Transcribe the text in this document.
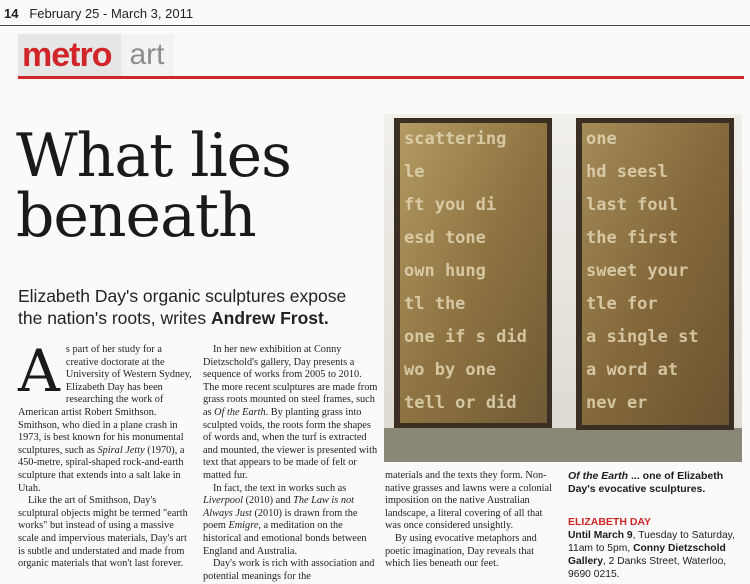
14 February 25 - March 3, 2011
metro art
What lies
beneath
Elizabeth Day's organic sculptures expose the nation's roots, writes Andrew Frost.

As part of her study for a creative doctorate at the University of Western Sydney, Elizabeth Day has been researching the work of American artist Robert Smithson. Smithson, who died in a plane crash in 1973, is best known for his monumental sculptures, such as Spiral Jetty (1970), a 450-metre, spiral-shaped rock-and-earth sculpture that extends into a salt lake in Utah.

Like the art of Smithson, Day's sculptural objects might be termed "earth works" but instead of using a massive scale and impervious materials, Day's art is subtle and understated and made from organic materials that won't last forever.

In her new exhibition at Conny Dietzschold's gallery, Day presents a sequence of works from 2005 to 2010. The more recent sculptures are made from grass roots mounted on steel frames, such as Of the Earth. By planting grass into sculpted voids, the roots form the shapes of words and, when the turf is extracted and mounted, the viewer is presented with text that appears to be made of felt or matted fur.

In fact, the text in works such as Liverpool (2010) and The Law is not Always Just (2010) is drawn from the poem Emigre, a meditation on the historical and emotional bonds between England and Australia.

Day's work is rich with association and potential meanings for the

scattering
le
ft you di
esd tone
own hung
tl the
one if s did
wo by one
tell or did
one
hd seesl
last foul
the first
sweet your
tle for
a single st
a word at
nev er

materials and the texts they form. Non-native grasses and lawns were a colonial imposition on the native Australian landscape, a literal covering of all that was once considered unsightly.

By using evocative metaphors and poetic imagination, Day reveals that which lies beneath our feet.

Of the Earth ... one of Elizabeth Day's evocative sculptures.
ELIZABETH DAY
Until March 9, Tuesday to Saturday, 11am to 5pm, Conny Dietzschold Gallery, 2 Danks Street, Waterloo, 9690 0215.
